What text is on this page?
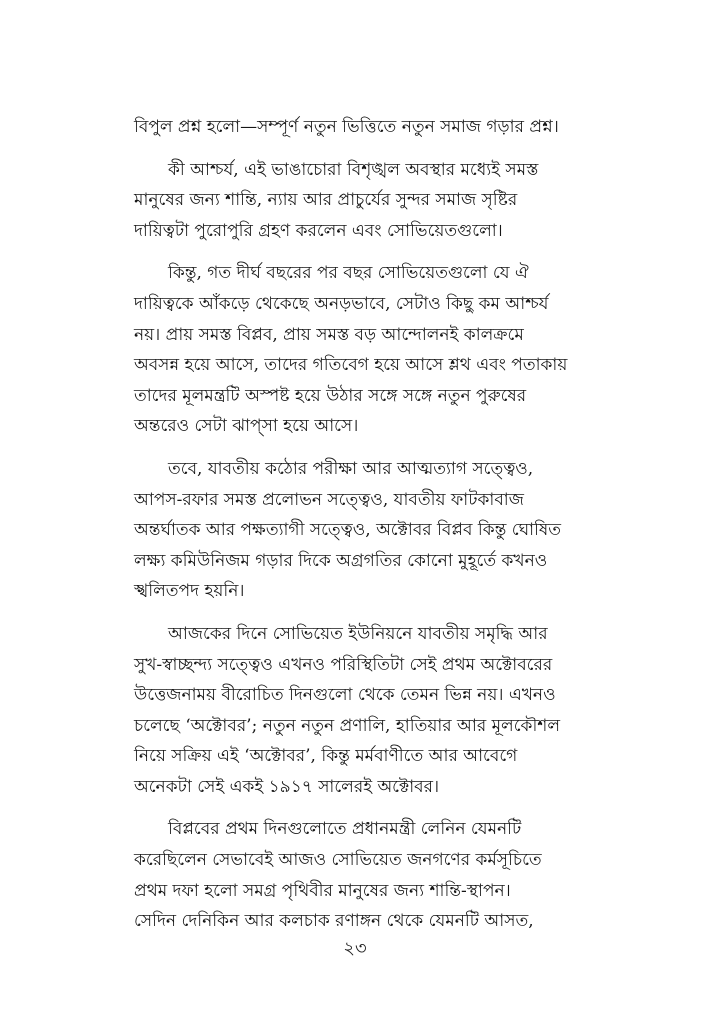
বিপুল প্রশ্ন হলো—সম্পূর্ণ নতুন ভিত্তিতে নতুন সমাজ গড়ার প্রশ্ন।

কী আশ্চর্য, এই ভাঙাচোরা বিশৃঙ্খল অবস্থার মধ্যেই সমস্ত
মানুষের জন্য শান্তি, ন্যায় আর প্রাচুর্যের সুন্দর সমাজ সৃষ্টির
দায়িত্বটা পুরোপুরি গ্রহণ করলেন এবং সোভিয়েতগুলো।

কিন্তু, গত দীর্ঘ বছরের পর বছর সোভিয়েতগুলো যে ঐ
দায়িত্বকে আঁকড়ে থেকেছে অনড়ভাবে, সেটাও কিছু কম আশ্চর্য
নয়। প্রায় সমস্ত বিপ্লব, প্রায় সমস্ত বড় আন্দোলনই কালক্রমে
অবসন্ন হয়ে আসে, তাদের গতিবেগ হয়ে আসে শ্লথ এবং পতাকায়
তাদের মূলমন্ত্রটি অস্পষ্ট হয়ে উঠার সঙ্গে সঙ্গে নতুন পুরুষের
অন্তরেও সেটা ঝাপ্‌সা হয়ে আসে।

তবে, যাবতীয় কঠোর পরীক্ষা আর আত্মত্যাগ সত্ত্বেও,
আপস-রফার সমস্ত প্রলোভন সত্ত্বেও, যাবতীয় ফাটকাবাজ
অন্তর্ঘাতক আর পক্ষত্যাগী সত্ত্বেও, অক্টোবর বিপ্লব কিন্তু ঘোষিত
লক্ষ্য কমিউনিজম গড়ার দিকে অগ্রগতির কোনো মুহূর্তে কখনও
স্খলিতপদ হয়নি।

আজকের দিনে সোভিয়েত ইউনিয়নে যাবতীয় সমৃদ্ধি আর
সুখ-স্বাচ্ছন্দ্য সত্ত্বেও এখনও পরিস্থিতিটা সেই প্রথম অক্টোবরের
উত্তেজনাময় বীরোচিত দিনগুলো থেকে তেমন ভিন্ন নয়। এখনও
চলেছে ‘অক্টোবর’; নতুন নতুন প্রণালি, হাতিয়ার আর মূলকৌশল
নিয়ে সক্রিয় এই ‘অক্টোবর’, কিন্তু মর্মবাণীতে আর আবেগে
অনেকটা সেই একই ১৯১৭ সালেরই অক্টোবর।

বিপ্লবের প্রথম দিনগুলোতে প্রধানমন্ত্রী লেনিন যেমনটি
করেছিলেন সেভাবেই আজও সোভিয়েত জনগণের কর্মসূচিতে
প্রথম দফা হলো সমগ্র পৃথিবীর মানুষের জন্য শান্তি-স্থাপন।
সেদিন দেনিকিন আর কলচাক রণাঙ্গন থেকে যেমনটি আসত,

২৩
